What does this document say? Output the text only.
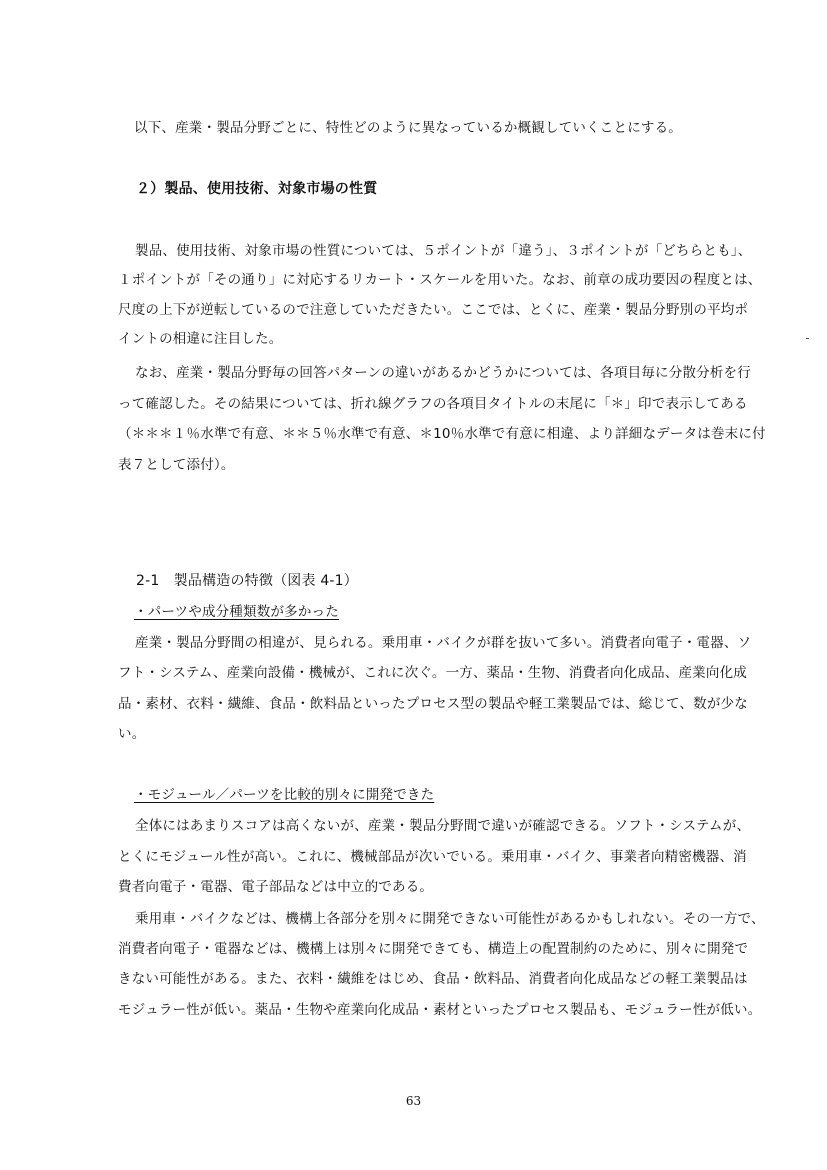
以下、産業・製品分野ごとに、特性どのように異なっているか概観していくことにする。
２）製品、使用技術、対象市場の性質
製品、使用技術、対象市場の性質については、５ポイントが「違う」、３ポイントが「どちらとも」、
１ポイントが「その通り」に対応するリカート・スケールを用いた。なお、前章の成功要因の程度とは、
尺度の上下が逆転しているので注意していただきたい。ここでは、とくに、産業・製品分野別の平均ポ
イントの相違に注目した。
なお、産業・製品分野毎の回答パターンの違いがあるかどうかについては、各項目毎に分散分析を行
って確認した。その結果については、折れ線グラフの各項目タイトルの末尾に「＊」印で表示してある
（＊＊＊１％水準で有意、＊＊５％水準で有意、＊10％水準で有意に相違、より詳細なデータは巻末に付
表７として添付）。
2-1　製品構造の特徴（図表 4-1）
・パーツや成分種類数が多かった
産業・製品分野間の相違が、見られる。乗用車・バイクが群を抜いて多い。消費者向電子・電器、ソ
フト・システム、産業向設備・機械が、これに次ぐ。一方、薬品・生物、消費者向化成品、産業向化成
品・素材、衣料・繊維、食品・飲料品といったプロセス型の製品や軽工業製品では、総じて、数が少な
い。
・モジュール／パーツを比較的別々に開発できた
全体にはあまりスコアは高くないが、産業・製品分野間で違いが確認できる。ソフト・システムが、
とくにモジュール性が高い。これに、機械部品が次いでいる。乗用車・バイク、事業者向精密機器、消
費者向電子・電器、電子部品などは中立的である。
乗用車・バイクなどは、機構上各部分を別々に開発できない可能性があるかもしれない。その一方で、
消費者向電子・電器などは、機構上は別々に開発できても、構造上の配置制約のために、別々に開発で
きない可能性がある。また、衣料・繊維をはじめ、食品・飲料品、消費者向化成品などの軽工業製品は
モジュラー性が低い。薬品・生物や産業向化成品・素材といったプロセス製品も、モジュラー性が低い。
63
